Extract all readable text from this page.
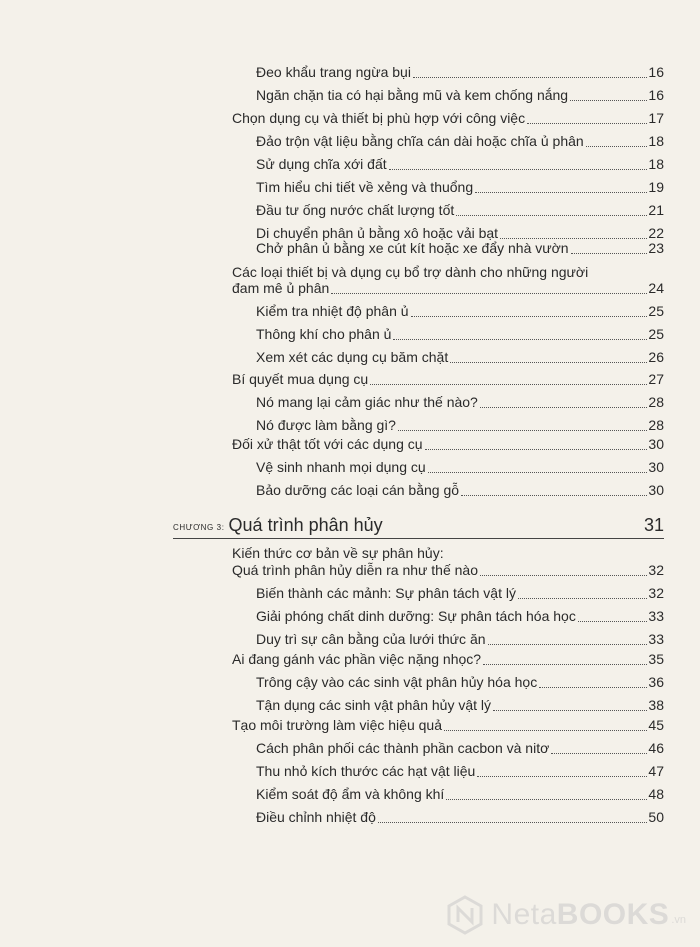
Đeo khẩu trang ngừa bụi	16
Ngăn chặn tia có hại bằng mũ và kem chống nắng	16
Chọn dụng cụ và thiết bị phù hợp với công việc	17
Đảo trộn vật liệu bằng chĩa cán dài hoặc chĩa ủ phân	18
Sử dụng chĩa xới đất	18
Tìm hiểu chi tiết về xẻng và thuổng	19
Đầu tư ống nước chất lượng tốt	21
Di chuyển phân ủ bằng xô hoặc vải bạt	22
Chở phân ủ bằng xe cút kít hoặc xe đẩy nhà vườn	23
Các loại thiết bị và dụng cụ bổ trợ dành cho những người
đam mê ủ phân	24
Kiểm tra nhiệt độ phân ủ	25
Thông khí cho phân ủ	25
Xem xét các dụng cụ băm chặt	26
Bí quyết mua dụng cụ	27
Nó mang lại cảm giác như thế nào?	28
Nó được làm bằng gì?	28
Đối xử thật tốt với các dụng cụ	30
Vệ sinh nhanh mọi dụng cụ	30
Bảo dưỡng các loại cán bằng gỗ	30
CHƯƠNG 3: Quá trình phân hủy	31
Kiến thức cơ bản về sự phân hủy:
Quá trình phân hủy diễn ra như thế nào	32
Biến thành các mảnh: Sự phân tách vật lý	32
Giải phóng chất dinh dưỡng: Sự phân tách hóa học	33
Duy trì sự cân bằng của lưới thức ăn	33
Ai đang gánh vác phần việc nặng nhọc?	35
Trông cậy vào các sinh vật phân hủy hóa học	36
Tận dụng các sinh vật phân hủy vật lý	38
Tạo môi trường làm việc hiệu quả	45
Cách phân phối các thành phần cacbon và nitơ	46
Thu nhỏ kích thước các hạt vật liệu	47
Kiểm soát độ ẩm và không khí	48
Điều chỉnh nhiệt độ	50
NetaBOOKS .vn
